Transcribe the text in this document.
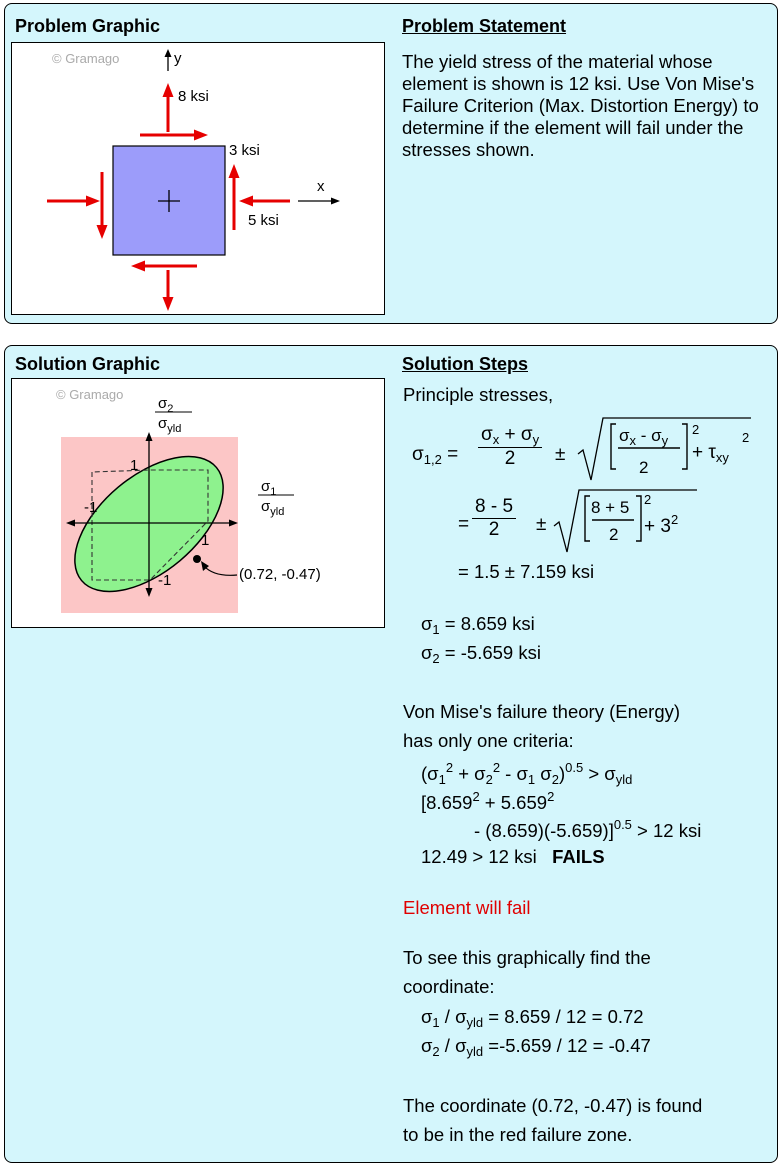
Problem Graphic	Problem Statement
© Gramago	y
x
8 ksi
3 ksi
5 ksi
The yield stress of the material whose element is shown is 12 ksi. Use Von Mise's Failure Criterion (Max. Distortion Energy) to determine if the element will fail under the stresses shown.
Solution Graphic	Solution Steps
© Gramago
$\sigma_2$
$\sigma_{yld}$
$\sigma_1$
$\sigma_{yld}$
1
-1
1
-1	(0.72, -0.47)
Principle stresses,
$\sigma_{1,2} = \frac{\sigma_x + \sigma_y}{2}$ ±
$\sigma_x - \sigma_y$
2
2
+ $\tau_{xy}$
2
= $\frac{8 - 5}{2}$ ±
8 + 5
2
2
+ $3^2$
= 1.5 ± 7.159 ksi
$\sigma_1 = 8.659$ ksi
$\sigma_2 = -5.659$ ksi
Von Mise's failure theory (Energy)
has only one criteria:
($\sigma_1^2 + \sigma_2^2 - \sigma_1$ $\sigma_2)^{0.5} > \sigma_{yld}$
[$8.659^2 + 5.659^2$
- (8.659)(-5.659)]$^{0.5}$ > 12 ksi
12.49 > 12 ksi FAILS
Element will fail
To see this graphically find the
coordinate:
$\sigma_1 / \sigma_{yld} = 8.659 / 12 = 0.72$
$\sigma_2 / \sigma_{yld} =-5.659 / 12 = -0.47$
The coordinate (0.72, -0.47) is found
to be in the red failure zone.
